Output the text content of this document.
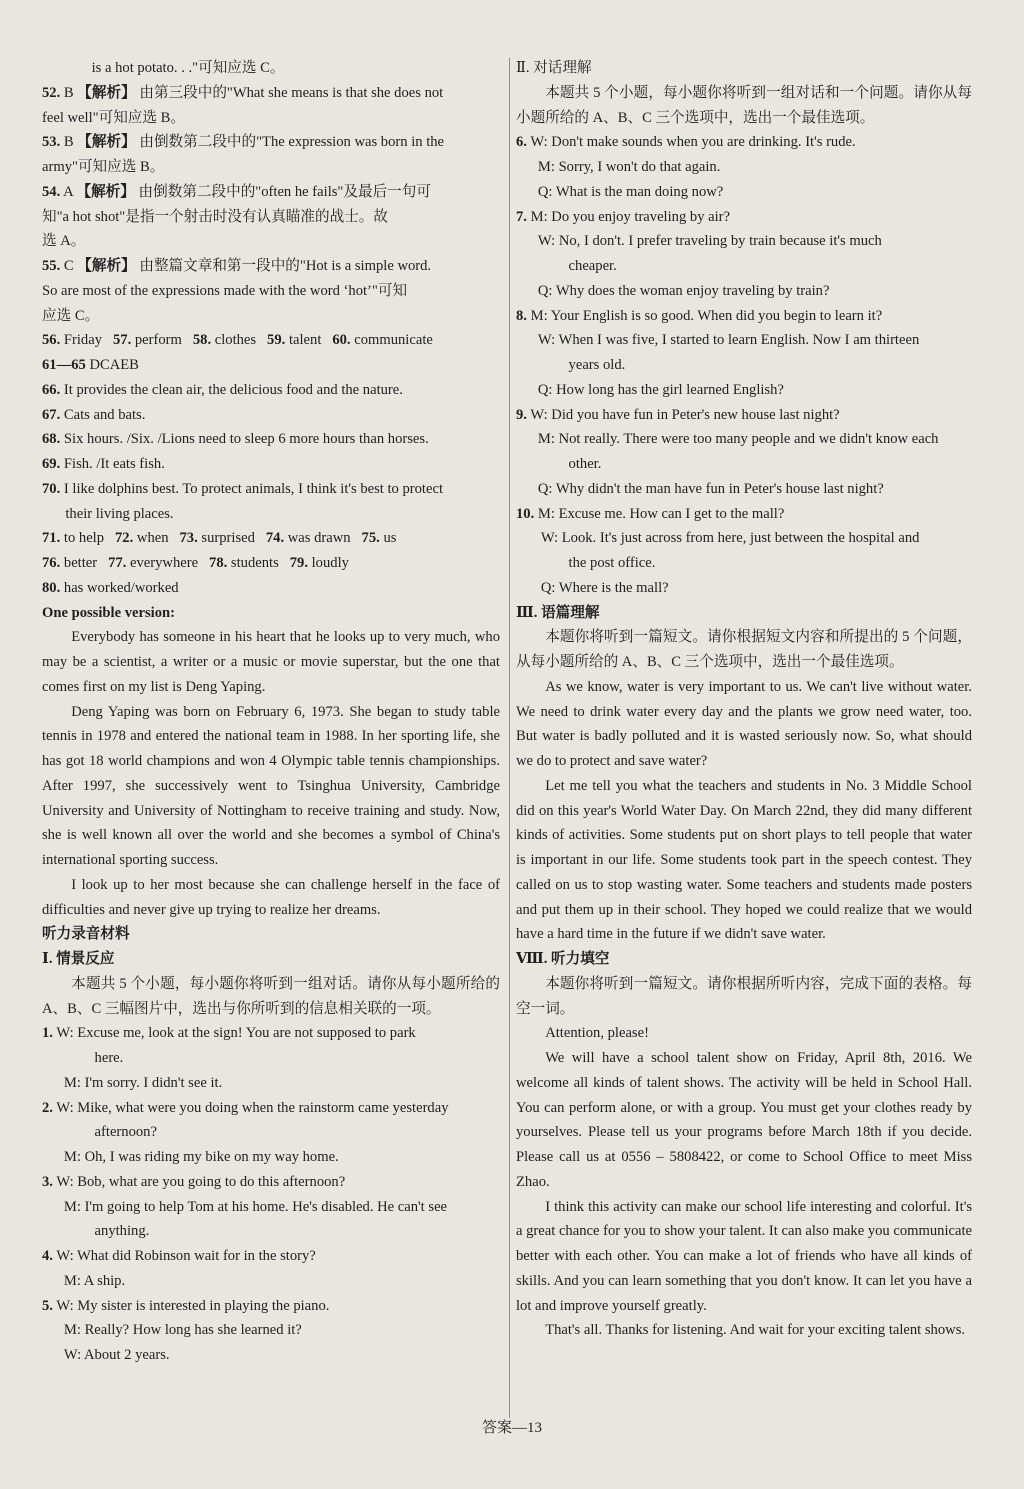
is a hot potato. . ."可知应选 C。

52. B 【解析】 由第三段中的"What she means is that she does not

feel well"可知应选 B。

53. B 【解析】 由倒数第二段中的"The expression was born in the

army"可知应选 B。

54. A 【解析】 由倒数第二段中的"often he fails"及最后一句可

知"a hot shot"是指一个射击时没有认真瞄准的战士。故

选 A。

55. C 【解析】 由整篇文章和第一段中的"Hot is a simple word.

So are most of the expressions made with the word ‘hot’"可知

应选 C。

56. Friday 57. perform 58. clothes 59. talent 60. communicate

61—65 DCAEB

66. It provides the clean air, the delicious food and the nature.

67. Cats and bats.

68. Six hours. /Six. /Lions need to sleep 6 more hours than horses.

69. Fish. /It eats fish.

70. I like dolphins best. To protect animals, I think it's best to protect

their living places.

71. to help 72. when 73. surprised 74. was drawn 75. us

76. better 77. everywhere 78. students 79. loudly

80. has worked/worked

One possible version:

Everybody has someone in his heart that he looks up to very much, who may be a scientist, a writer or a music or movie superstar, but the one that comes first on my list is Deng Yaping.

Deng Yaping was born on February 6, 1973. She began to study table tennis in 1978 and entered the national team in 1988. In her sporting life, she has got 18 world champions and won 4 Olympic table tennis championships. After 1997, she successively went to Tsinghua University, Cambridge University and University of Nottingham to receive training and study. Now, she is well known all over the world and she becomes a symbol of China's international sporting success.

I look up to her most because she can challenge herself in the face of difficulties and never give up trying to realize her dreams.

听力录音材料

Ⅰ. 情景反应

本题共 5 个小题，每小题你将听到一组对话。请你从每小题所给的 A、B、C 三幅图片中，选出与你所听到的信息相关联的一项。

1. W: Excuse me, look at the sign! You are not supposed to park

here.

M: I'm sorry. I didn't see it.

2. W: Mike, what were you doing when the rainstorm came yesterday

afternoon?

M: Oh, I was riding my bike on my way home.

3. W: Bob, what are you going to do this afternoon?

M: I'm going to help Tom at his home. He's disabled. He can't see

anything.

4. W: What did Robinson wait for in the story?

M: A ship.

5. W: My sister is interested in playing the piano.

M: Really? How long has she learned it?

W: About 2 years.

Ⅱ. 对话理解

本题共 5 个小题，每小题你将听到一组对话和一个问题。请你从每小题所给的 A、B、C 三个选项中，选出一个最佳选项。

6. W: Don't make sounds when you are drinking. It's rude.

M: Sorry, I won't do that again.

Q: What is the man doing now?

7. M: Do you enjoy traveling by air?

W: No, I don't. I prefer traveling by train because it's much

cheaper.

Q: Why does the woman enjoy traveling by train?

8. M: Your English is so good. When did you begin to learn it?

W: When I was five, I started to learn English. Now I am thirteen

years old.

Q: How long has the girl learned English?

9. W: Did you have fun in Peter's new house last night?

M: Not really. There were too many people and we didn't know each

other.

Q: Why didn't the man have fun in Peter's house last night?

10. M: Excuse me. How can I get to the mall?

W: Look. It's just across from here, just between the hospital and

the post office.

Q: Where is the mall?

Ⅲ. 语篇理解

本题你将听到一篇短文。请你根据短文内容和所提出的 5 个问题，从每小题所给的 A、B、C 三个选项中，选出一个最佳选项。

As we know, water is very important to us. We can't live without water. We need to drink water every day and the plants we grow need water, too. But water is badly polluted and it is wasted seriously now. So, what should we do to protect and save water?

Let me tell you what the teachers and students in No. 3 Middle School did on this year's World Water Day. On March 22nd, they did many different kinds of activities. Some students put on short plays to tell people that water is important in our life. Some students took part in the speech contest. They called on us to stop wasting water. Some teachers and students made posters and put them up in their school. They hoped we could realize that we would have a hard time in the future if we didn't save water.

Ⅷ. 听力填空

本题你将听到一篇短文。请你根据所听内容，完成下面的表格。每空一词。

Attention, please!

We will have a school talent show on Friday, April 8th, 2016. We welcome all kinds of talent shows. The activity will be held in School Hall. You can perform alone, or with a group. You must get your clothes ready by yourselves. Please tell us your programs before March 18th if you decide. Please call us at 0556 – 5808422, or come to School Office to meet Miss Zhao.

I think this activity can make our school life interesting and colorful. It's a great chance for you to show your talent. It can also make you communicate better with each other. You can make a lot of friends who have all kinds of skills. And you can learn something that you don't know. It can let you have a lot and improve yourself greatly.

That's all. Thanks for listening. And wait for your exciting talent shows.

答案—13
